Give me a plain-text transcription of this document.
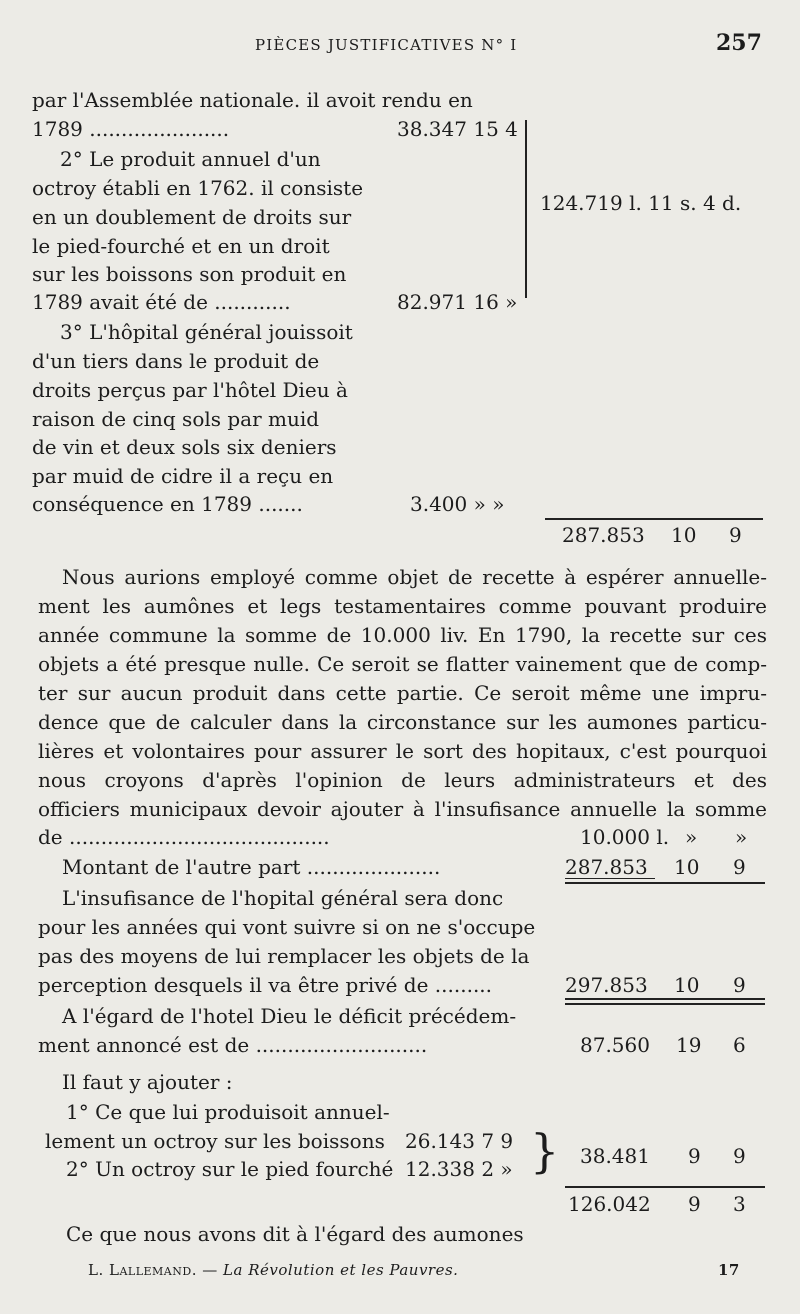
PIÈCES JUSTIFICATIVES N° I	257
par l'Assemblée nationale. il avoit rendu en
1789 ......................	38.347 15 4
2° Le produit annuel d'un
octroy établi en 1762. il consiste
en un doublement de droits sur
le pied-fourché et en un droit
sur les boissons son produit en
1789 avait été de ............	82.971 16 »
124.719 l. 11 s. 4 d.
3° L'hôpital général jouissoit
d'un tiers dans le produit de
droits perçus par l'hôtel Dieu à
raison de cinq sols par muid
de vin et deux sols six deniers
par muid de cidre il a reçu en
conséquence en 1789 .......	3.400 » »
287.853 10 9
Nous aurions employé comme objet de recette à espérer annuelle-
ment les aumônes et legs testamentaires comme pouvant produire
année commune la somme de 10.000 liv. En 1790, la recette sur ces
objets a été presque nulle. Ce seroit se flatter vainement que de comp-
ter sur aucun produit dans cette partie. Ce seroit même une impru-
dence que de calculer dans la circonstance sur les aumones particu-
lières et volontaires pour assurer le sort des hopitaux, c'est pourquoi
nous croyons d'après l'opinion de leurs administrateurs et des
officiers municipaux devoir ajouter à l'insufisance annuelle la somme
de .........................................	10.000 l. » »
Montant de l'autre part .....................	287.853 10 9
L'insufisance de l'hopital général sera donc
pour les années qui vont suivre si on ne s'occupe
pas des moyens de lui remplacer les objets de la
perception desquels il va être privé de .........	297.853 10 9
A l'égard de l'hotel Dieu le déficit précédem-
ment annoncé est de ...........................	87.560 19 6
Il faut y ajouter :
1° Ce que lui produisoit annuel-
lement un octroy sur les boissons 26.143 7 9
2° Un octroy sur le pied fourché 12.338 2 » } 38.481 9 9
126.042 9 3
Ce que nous avons dit à l'égard des aumones
L. Lallemand. — La Révolution et les Pauvres.	17
